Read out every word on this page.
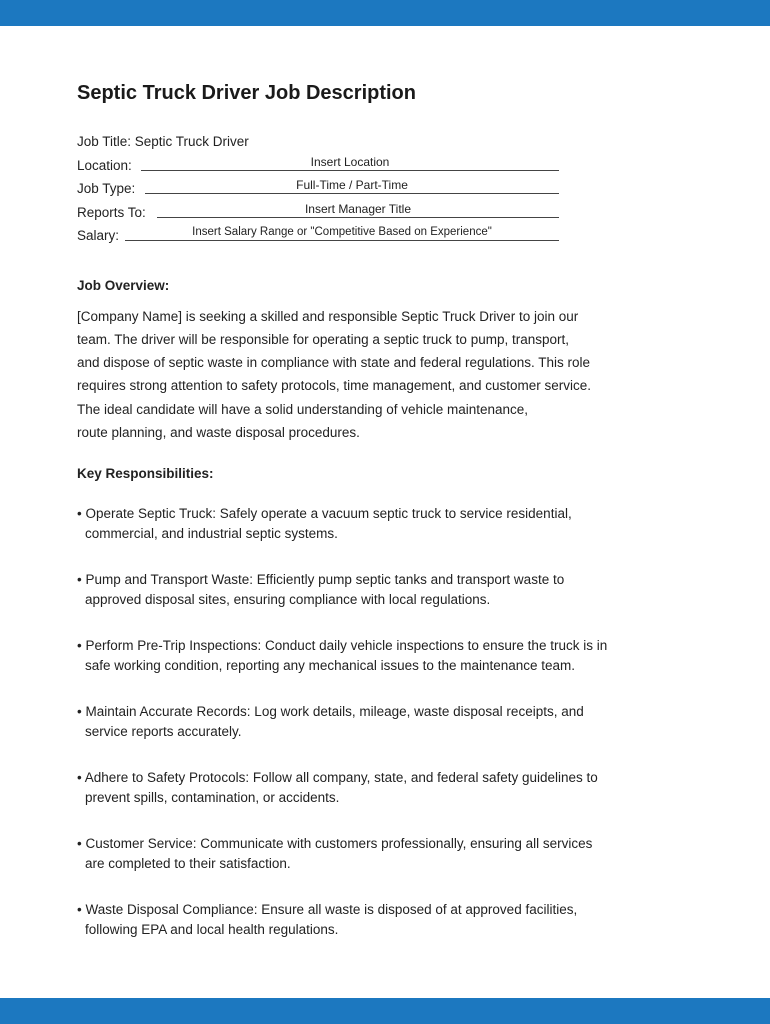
Septic Truck Driver Job Description
Job Title: Septic Truck Driver
Location:	Insert Location
Job Type:	Full-Time / Part-Time
Reports To:	Insert Manager Title
Salary:	Insert Salary Range or "Competitive Based on Experience"
Job Overview:
[Company Name] is seeking a skilled and responsible Septic Truck Driver to join our
team. The driver will be responsible for operating a septic truck to pump, transport,
and dispose of septic waste in compliance with state and federal regulations. This role
requires strong attention to safety protocols, time management, and customer service.
The ideal candidate will have a solid understanding of vehicle maintenance,
route planning, and waste disposal procedures.
Key Responsibilities:
• Operate Septic Truck: Safely operate a vacuum septic truck to service residential,
commercial, and industrial septic systems.
• Pump and Transport Waste: Efficiently pump septic tanks and transport waste to
approved disposal sites, ensuring compliance with local regulations.
• Perform Pre-Trip Inspections: Conduct daily vehicle inspections to ensure the truck is in
safe working condition, reporting any mechanical issues to the maintenance team.
• Maintain Accurate Records: Log work details, mileage, waste disposal receipts, and
service reports accurately.
• Adhere to Safety Protocols: Follow all company, state, and federal safety guidelines to
prevent spills, contamination, or accidents.
• Customer Service: Communicate with customers professionally, ensuring all services
are completed to their satisfaction.
• Waste Disposal Compliance: Ensure all waste is disposed of at approved facilities,
following EPA and local health regulations.
